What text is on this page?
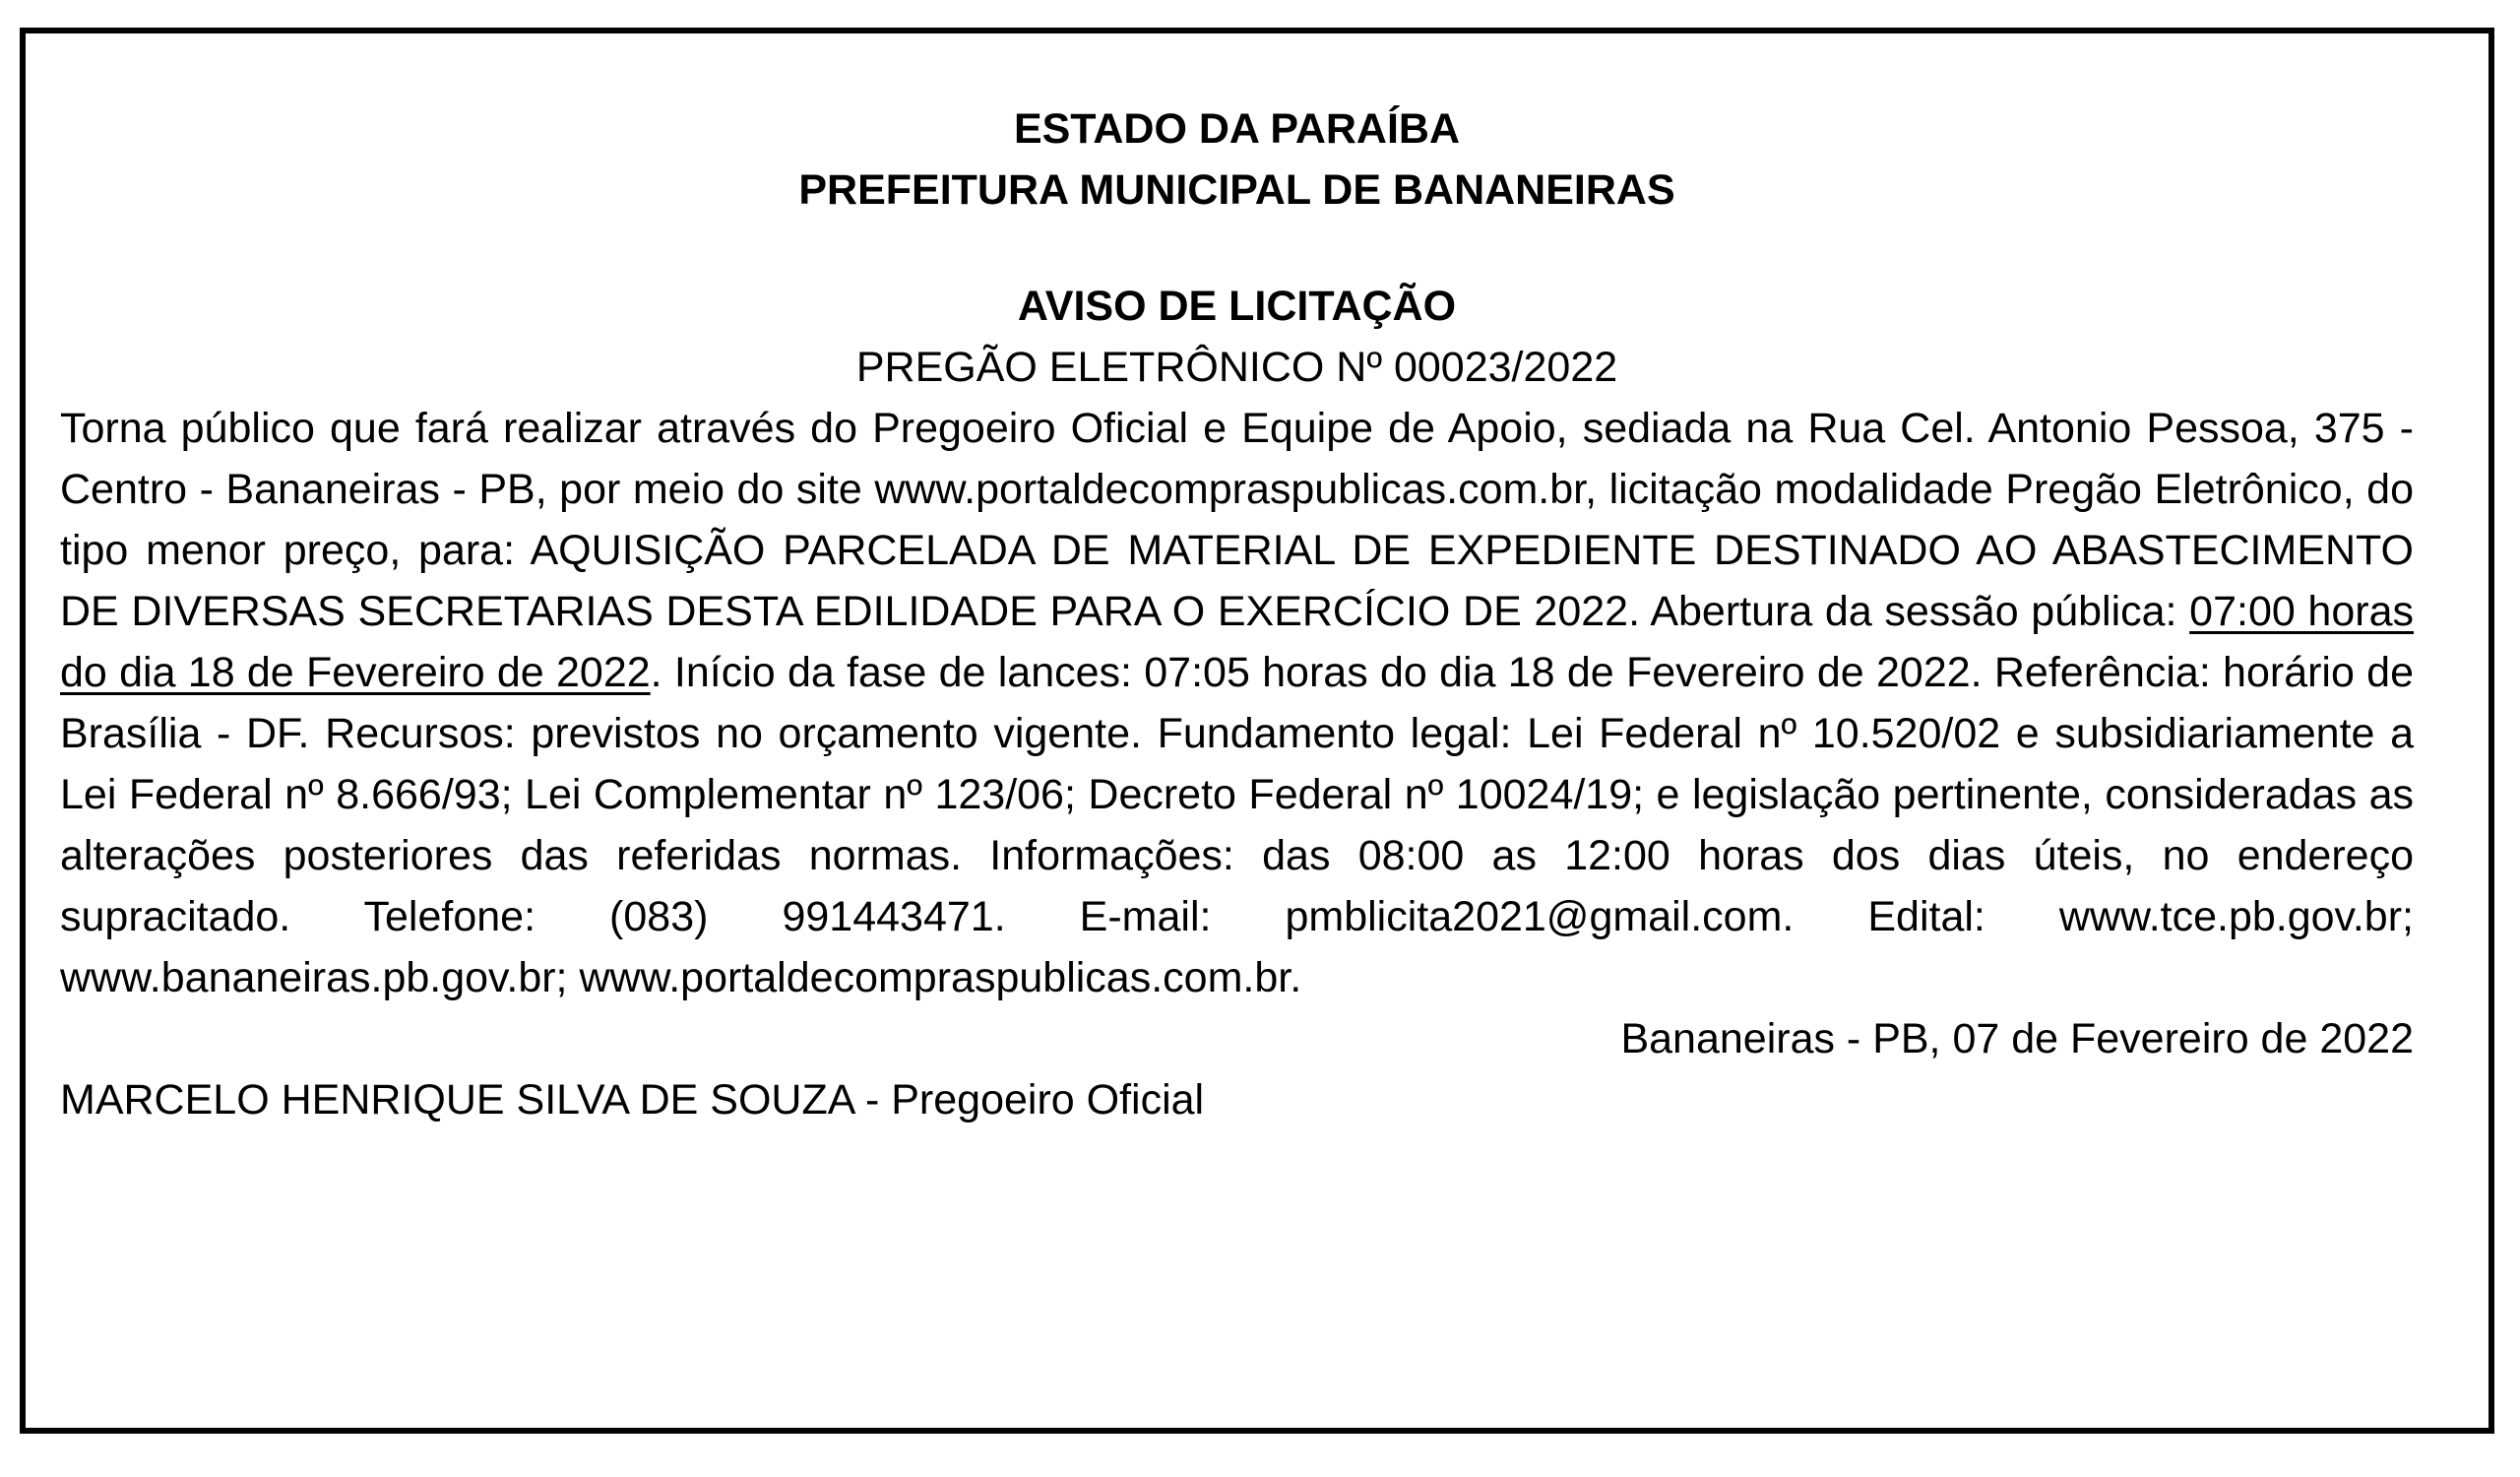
ESTADO DA PARAÍBA
PREFEITURA MUNICIPAL DE BANANEIRAS
AVISO DE LICITAÇÃO
PREGÃO ELETRÔNICO Nº 00023/2022
Torna público que fará realizar através do Pregoeiro Oficial e Equipe de Apoio, sediada na Rua Cel. Antonio Pessoa, 375 - Centro - Bananeiras - PB, por meio do site www.portaldecompraspublicas.com.br, licitação modalidade Pregão Eletrônico, do tipo menor preço, para: AQUISIÇÃO PARCELADA DE MATERIAL DE EXPEDIENTE DESTINADO AO ABASTECIMENTO DE DIVERSAS SECRETARIAS DESTA EDILIDADE PARA O EXERCÍCIO DE 2022. Abertura da sessão pública: 07:00 horas do dia 18 de Fevereiro de 2022. Início da fase de lances: 07:05 horas do dia 18 de Fevereiro de 2022. Referência: horário de Brasília - DF. Recursos: previstos no orçamento vigente. Fundamento legal: Lei Federal nº 10.520/02 e subsidiariamente a Lei Federal nº 8.666/93; Lei Complementar nº 123/06; Decreto Federal nº 10024/19; e legislação pertinente, consideradas as alterações posteriores das referidas normas. Informações: das 08:00 as 12:00 horas dos dias úteis, no endereço supracitado. Telefone: (083) 991443471. E-mail: pmblicita2021@gmail.com. Edital: www.tce.pb.gov.br; www.bananeiras.pb.gov.br; www.portaldecompraspublicas.com.br.
Bananeiras - PB, 07 de Fevereiro de 2022
MARCELO HENRIQUE SILVA DE SOUZA - Pregoeiro Oficial
